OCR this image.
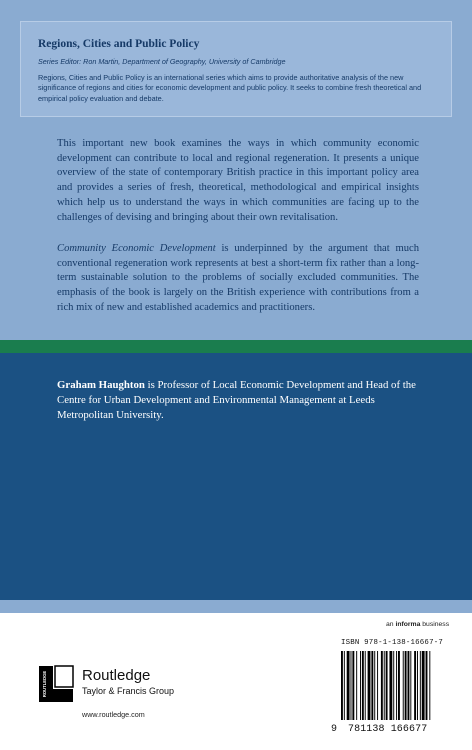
Regions, Cities and Public Policy
Series Editor: Ron Martin, Department of Geography, University of Cambridge
Regions, Cities and Public Policy is an international series which aims to provide authoritative analysis of the new significance of regions and cities for economic development and public policy. It seeks to combine fresh theoretical and empirical policy evaluation and debate.
This important new book examines the ways in which community economic development can contribute to local and regional regeneration. It presents a unique overview of the state of contemporary British practice in this important policy area and provides a series of fresh, theoretical, methodological and empirical insights which help us to understand the ways in which communities are facing up to the challenges of devising and bringing about their own revitalisation.
Community Economic Development is underpinned by the argument that much conventional regeneration work represents at best a short-term fix rather than a long-term sustainable solution to the problems of socially excluded communities. The emphasis of the book is largely on the British experience with contributions from a rich mix of new and established academics and practitioners.
Graham Haughton is Professor of Local Economic Development and Head of the Centre for Urban Development and Environmental Management at Leeds Metropolitan University.
an informa business
ROUTLEDGE Routledge
Taylor & Francis Group
www.routledge.com
ISBN 978-1-138-16667-7
9 781138 166677
